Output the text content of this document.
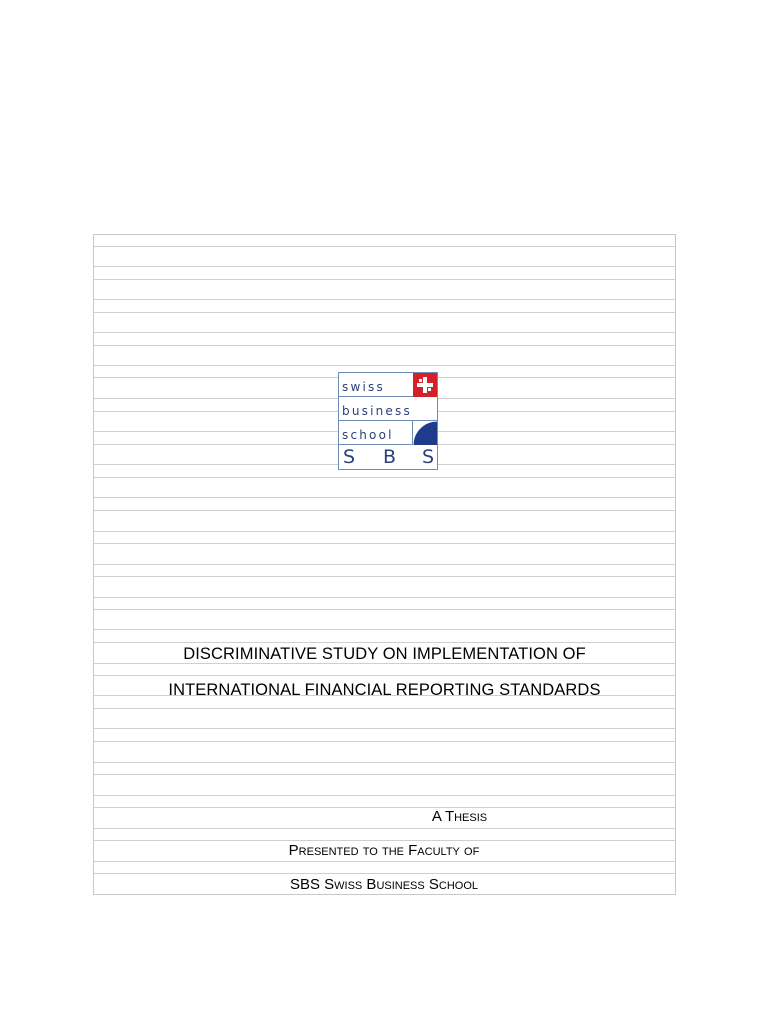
swiss
business
school
S B S
DISCRIMINATIVE STUDY ON IMPLEMENTATION OF
INTERNATIONAL FINANCIAL REPORTING STANDARDS
A Thesis
Presented to the Faculty of
SBS Swiss Business School
